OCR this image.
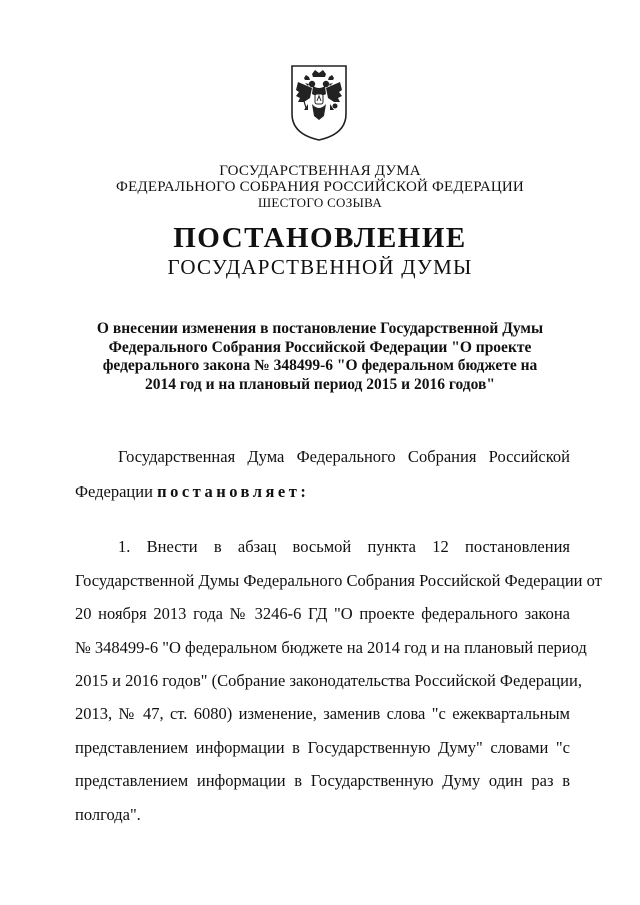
ГОСУДАРСТВЕННАЯ ДУМА
ФЕДЕРАЛЬНОГО СОБРАНИЯ РОССИЙСКОЙ ФЕДЕРАЦИИ
ШЕСТОГО СОЗЫВА
ПОСТАНОВЛЕНИЕ
ГОСУДАРСТВЕННОЙ ДУМЫ
О внесении изменения в постановление Государственной Думы
Федерального Собрания Российской Федерации "О проекте
федерального закона № 348499-6 "О федеральном бюджете на
2014 год и на плановый период 2015 и 2016 годов"
Государственная Дума Федерального Собрания Российской
Федерации постановляет:
1. Внести в абзац восьмой пункта 12 постановления
Государственной Думы Федерального Собрания Российской Федерации от
20 ноября 2013 года № 3246-6 ГД "О проекте федерального закона
№ 348499-6 "О федеральном бюджете на 2014 год и на плановый период
2015 и 2016 годов" (Собрание законодательства Российской Федерации,
2013, № 47, ст. 6080) изменение, заменив слова "с ежеквартальным
представлением информации в Государственную Думу" словами "с
представлением информации в Государственную Думу один раз в
полгода".
